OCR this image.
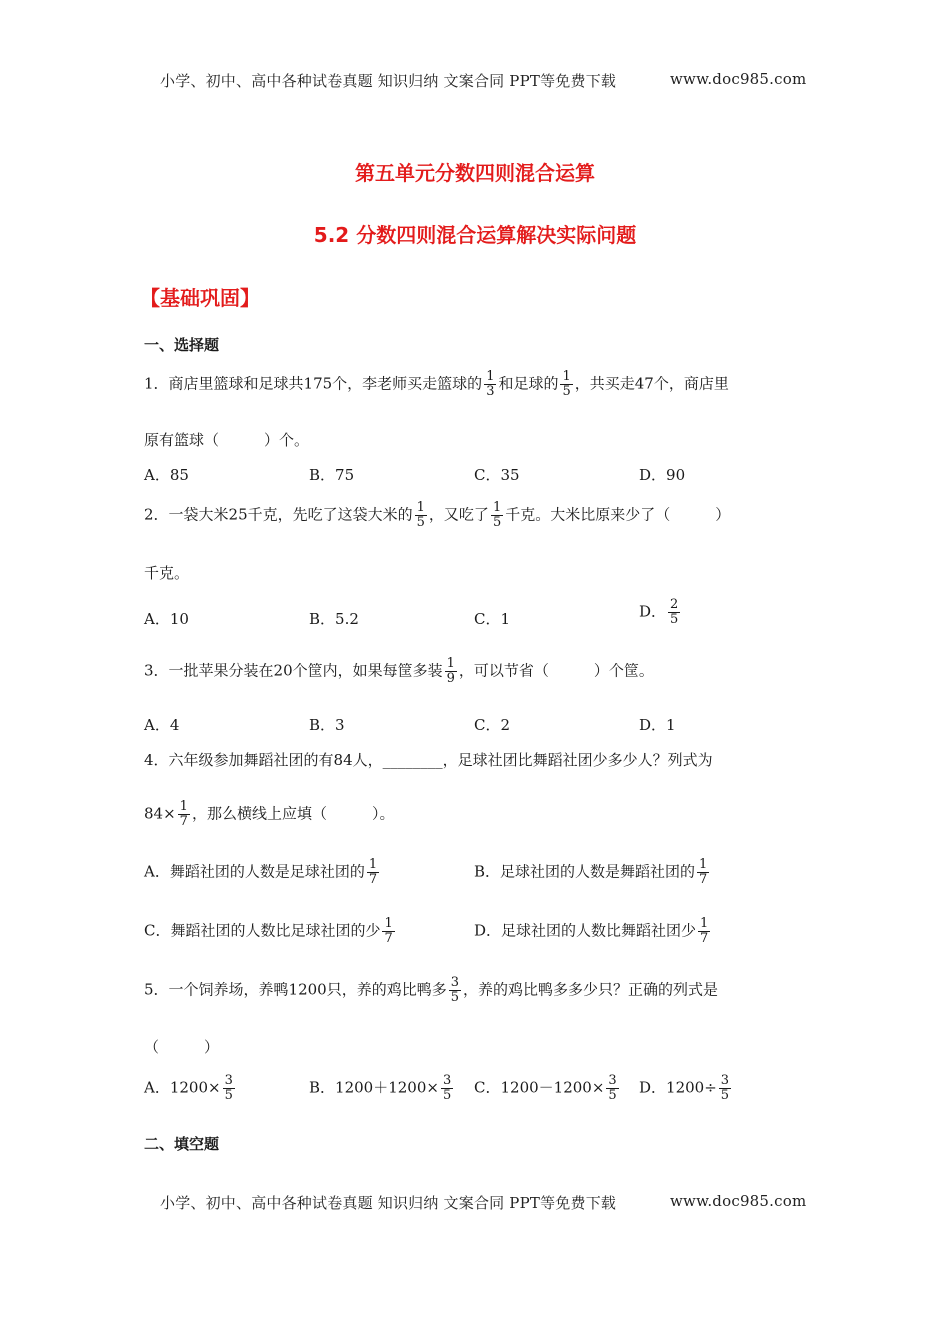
小学、初中、高中各种试卷真题 知识归纳 文案合同 PPT等免费下载	www.doc985.com
第五单元分数四则混合运算
5.2 分数四则混合运算解决实际问题
【基础巩固】
一、选择题
1．商店里篮球和足球共175个，李老师买走篮球的 $\frac{1}{3}$ 和足球的 $\frac{1}{5}$ ，共买走47个，商店里
原有篮球（　　　）个。
A．85	B．75	C．35	D．90
2．一袋大米25千克，先吃了这袋大米的 $\frac{1}{5}$ ，又吃了 $\frac{1}{5}$ 千克。大米比原来少了（　　　）
千克。
A．10	B．5.2	C．1	D． $\frac{2}{5}$
3．一批苹果分装在20个筐内，如果每筐多装 $\frac{1}{9}$ ，可以节省（　　　）个筐。
A．4	B．3	C．2	D．1
4．六年级参加舞蹈社团的有84人，________，足球社团比舞蹈社团少多少人？列式为
$84\times \frac{1}{7}$ ，那么横线上应填（　　　）。
A．舞蹈社团的人数是足球社团的 $\frac{1}{7}$	B．足球社团的人数是舞蹈社团的 $\frac{1}{7}$
C．舞蹈社团的人数比足球社团的少 $\frac{1}{7}$	D．足球社团的人数比舞蹈社团少 $\frac{1}{7}$
5．一个饲养场，养鸭1200只，养的鸡比鸭多 $\frac{3}{5}$ ，养的鸡比鸭多多少只？正确的列式是
（　　　）
A．$1200\times \frac{3}{5}$	B．$1200+1200\times \frac{3}{5}$ C．$1200-1200\times \frac{3}{5}$ D．$1200\div \frac{3}{5}$
二、填空题
小学、初中、高中各种试卷真题 知识归纳 文案合同 PPT等免费下载	www.doc985.com
